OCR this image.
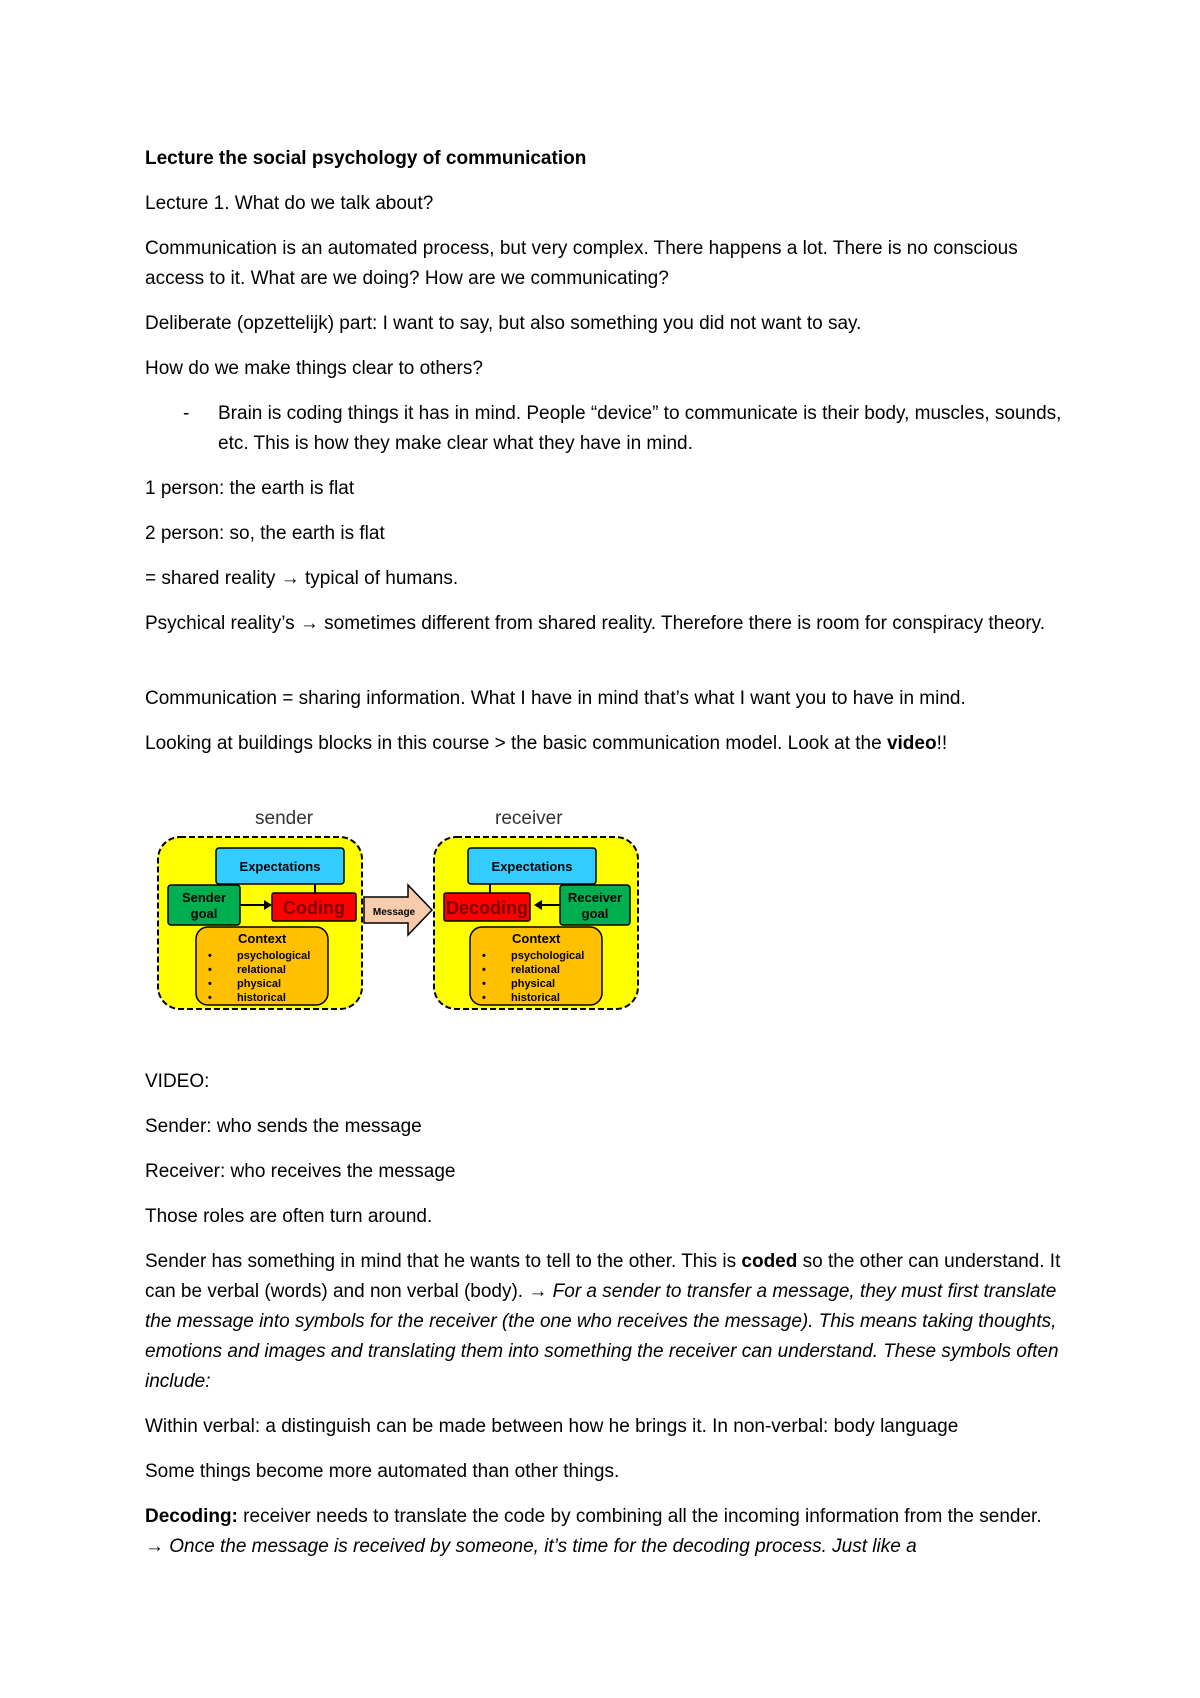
Lecture the social psychology of communication

Lecture 1. What do we talk about?

Communication is an automated process, but very complex. There happens a lot. There is no conscious access to it. What are we doing? How are we communicating?

Deliberate (opzettelijk) part: I want to say, but also something you did not want to say.

How do we make things clear to others?

- Brain is coding things it has in mind. People “device” to communicate is their body, muscles, sounds, etc. This is how they make clear what they have in mind.

1 person: the earth is flat

2 person: so, the earth is flat

= shared reality → typical of humans.

Psychical reality’s → sometimes different from shared reality. Therefore there is room for conspiracy theory.

Communication = sharing information. What I have in mind that’s what I want you to have in mind.

Looking at buildings blocks in this course > the basic communication model. Look at the video!!

sender	receiver
Expectations
Sender
goal	Coding
Context
• psychological
• relational
• physical
• historical
Message
Expectations
Decoding
Receiver
goal
Context
• psychological
• relational
• physical
• historical

VIDEO:

Sender: who sends the message

Receiver: who receives the message

Those roles are often turn around.

Sender has something in mind that he wants to tell to the other. This is coded so the other can understand. It can be verbal (words) and non verbal (body). → For a sender to transfer a message, they must first translate the message into symbols for the receiver (the one who receives the message). This means taking thoughts, emotions and images and translating them into something the receiver can understand. These symbols often include:

Within verbal: a distinguish can be made between how he brings it. In non-verbal: body language

Some things become more automated than other things.

Decoding: receiver needs to translate the code by combining all the incoming information from the sender. → Once the message is received by someone, it’s time for the decoding process. Just like a
